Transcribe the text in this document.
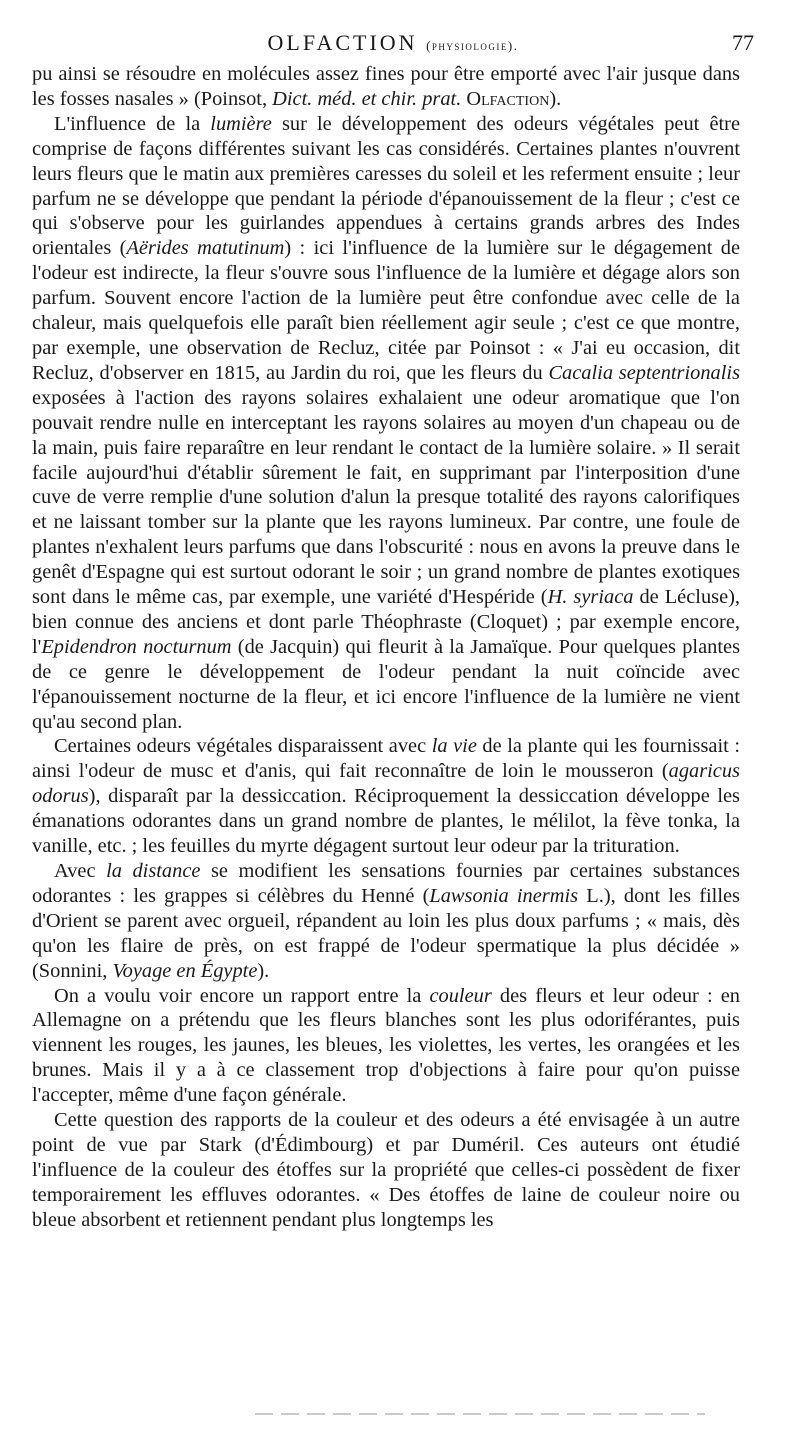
OLFACTION (physiologie).	77

pu ainsi se résoudre en molécules assez fines pour être emporté avec l'air jusque dans les fosses nasales » (Poinsot, Dict. méd. et chir. prat. Olfaction).

L'influence de la lumière sur le développement des odeurs végétales peut être comprise de façons différentes suivant les cas considérés. Certaines plantes n'ouvrent leurs fleurs que le matin aux premières caresses du soleil et les referment ensuite ; leur parfum ne se développe que pendant la période d'épanouissement de la fleur ; c'est ce qui s'observe pour les guirlandes appendues à certains grands arbres des Indes orientales (Aërides matutinum) : ici l'influence de la lumière sur le dégagement de l'odeur est indirecte, la fleur s'ouvre sous l'influence de la lumière et dégage alors son parfum. Souvent encore l'action de la lumière peut être confondue avec celle de la chaleur, mais quelquefois elle paraît bien réellement agir seule ; c'est ce que montre, par exemple, une observation de Recluz, citée par Poinsot : « J'ai eu occasion, dit Recluz, d'observer en 1815, au Jardin du roi, que les fleurs du Cacalia septentrionalis exposées à l'action des rayons solaires exhalaient une odeur aromatique que l'on pouvait rendre nulle en interceptant les rayons solaires au moyen d'un chapeau ou de la main, puis faire reparaître en leur rendant le contact de la lumière solaire. » Il serait facile aujourd'hui d'établir sûrement le fait, en supprimant par l'interposition d'une cuve de verre remplie d'une solution d'alun la presque totalité des rayons calorifiques et ne laissant tomber sur la plante que les rayons lumineux. Par contre, une foule de plantes n'exhalent leurs parfums que dans l'obscurité : nous en avons la preuve dans le genêt d'Espagne qui est surtout odorant le soir ; un grand nombre de plantes exotiques sont dans le même cas, par exemple, une variété d'Hespéride (H. syriaca de Lécluse), bien connue des anciens et dont parle Théophraste (Cloquet) ; par exemple encore, l'Epidendron nocturnum (de Jacquin) qui fleurit à la Jamaïque. Pour quelques plantes de ce genre le développement de l'odeur pendant la nuit coïncide avec l'épanouissement nocturne de la fleur, et ici encore l'influence de la lumière ne vient qu'au second plan.

Certaines odeurs végétales disparaissent avec la vie de la plante qui les fournissait : ainsi l'odeur de musc et d'anis, qui fait reconnaître de loin le mousseron (agaricus odorus), disparaît par la dessiccation. Réciproquement la dessiccation développe les émanations odorantes dans un grand nombre de plantes, le mélilot, la fève tonka, la vanille, etc. ; les feuilles du myrte dégagent surtout leur odeur par la trituration.

Avec la distance se modifient les sensations fournies par certaines substances odorantes : les grappes si célèbres du Henné (Lawsonia inermis L.), dont les filles d'Orient se parent avec orgueil, répandent au loin les plus doux parfums ; « mais, dès qu'on les flaire de près, on est frappé de l'odeur spermatique la plus décidée » (Sonnini, Voyage en Égypte).

On a voulu voir encore un rapport entre la couleur des fleurs et leur odeur : en Allemagne on a prétendu que les fleurs blanches sont les plus odoriférantes, puis viennent les rouges, les jaunes, les bleues, les violettes, les vertes, les orangées et les brunes. Mais il y a à ce classement trop d'objections à faire pour qu'on puisse l'accepter, même d'une façon générale.

Cette question des rapports de la couleur et des odeurs a été envisagée à un autre point de vue par Stark (d'Édimbourg) et par Duméril. Ces auteurs ont étudié l'influence de la couleur des étoffes sur la propriété que celles-ci possèdent de fixer temporairement les effluves odorantes. « Des étoffes de laine de couleur noire ou bleue absorbent et retiennent pendant plus longtemps les
